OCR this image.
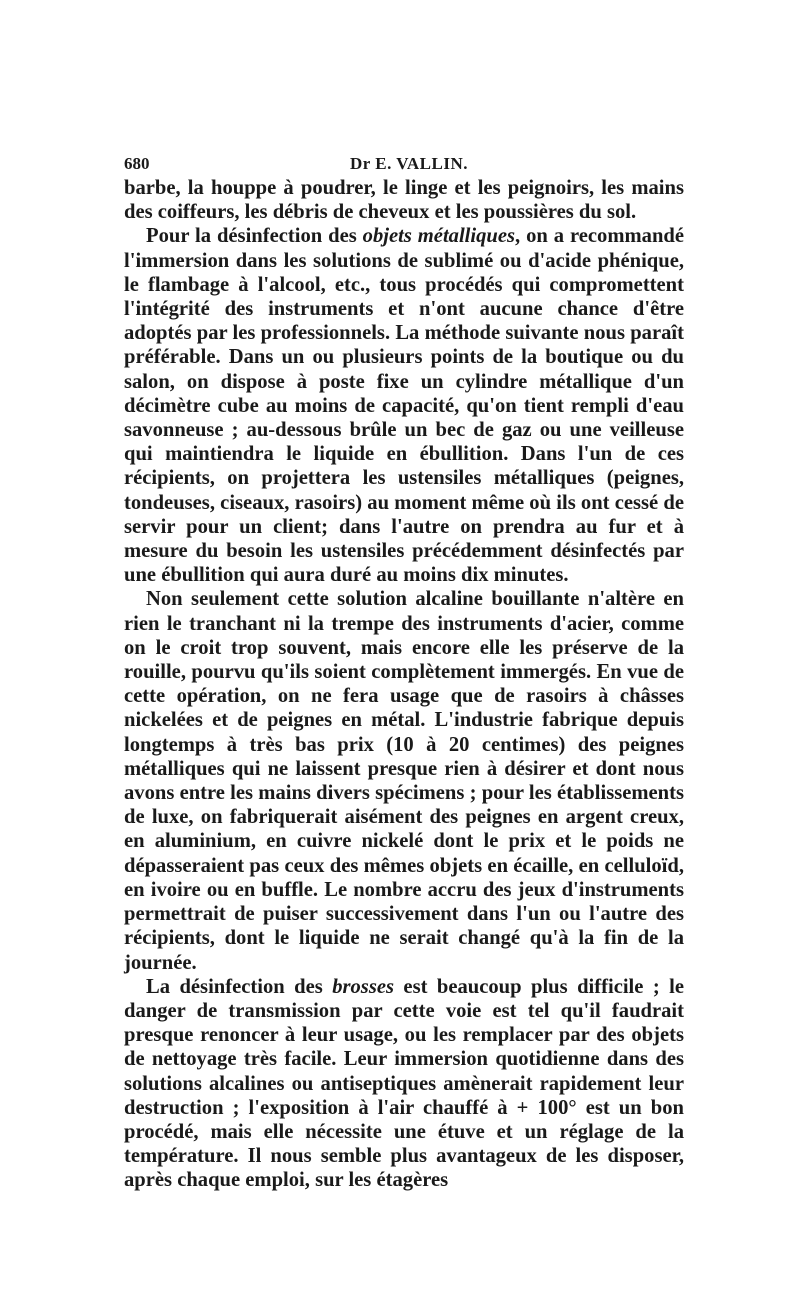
680	Dr E. VALLIN.

barbe, la houppe à poudrer, le linge et les peignoirs, les mains des coiffeurs, les débris de cheveux et les poussières du sol.

Pour la désinfection des objets métalliques, on a recommandé l'immersion dans les solutions de sublimé ou d'acide phénique, le flambage à l'alcool, etc., tous procédés qui compromettent l'intégrité des instruments et n'ont aucune chance d'être adoptés par les professionnels. La méthode suivante nous paraît préférable. Dans un ou plusieurs points de la boutique ou du salon, on dispose à poste fixe un cylindre métallique d'un décimètre cube au moins de capacité, qu'on tient rempli d'eau savonneuse ; au-dessous brûle un bec de gaz ou une veilleuse qui maintiendra le liquide en ébullition. Dans l'un de ces récipients, on projettera les ustensiles métalliques (peignes, tondeuses, ciseaux, rasoirs) au moment même où ils ont cessé de servir pour un client; dans l'autre on prendra au fur et à mesure du besoin les ustensiles précédemment désinfectés par une ébullition qui aura duré au moins dix minutes.

Non seulement cette solution alcaline bouillante n'altère en rien le tranchant ni la trempe des instruments d'acier, comme on le croit trop souvent, mais encore elle les préserve de la rouille, pourvu qu'ils soient complètement immergés. En vue de cette opération, on ne fera usage que de rasoirs à châsses nickelées et de peignes en métal. L'industrie fabrique depuis longtemps à très bas prix (10 à 20 centimes) des peignes métalliques qui ne laissent presque rien à désirer et dont nous avons entre les mains divers spécimens ; pour les établissements de luxe, on fabriquerait aisément des peignes en argent creux, en aluminium, en cuivre nickelé dont le prix et le poids ne dépasseraient pas ceux des mêmes objets en écaille, en celluloïd, en ivoire ou en buffle. Le nombre accru des jeux d'instruments permettrait de puiser successivement dans l'un ou l'autre des récipients, dont le liquide ne serait changé qu'à la fin de la journée.

La désinfection des brosses est beaucoup plus difficile ; le danger de transmission par cette voie est tel qu'il faudrait presque renoncer à leur usage, ou les remplacer par des objets de nettoyage très facile. Leur immersion quotidienne dans des solutions alcalines ou antiseptiques amènerait rapidement leur destruction ; l'exposition à l'air chauffé à + 100° est un bon procédé, mais elle nécessite une étuve et un réglage de la température. Il nous semble plus avantageux de les disposer, après chaque emploi, sur les étagères
